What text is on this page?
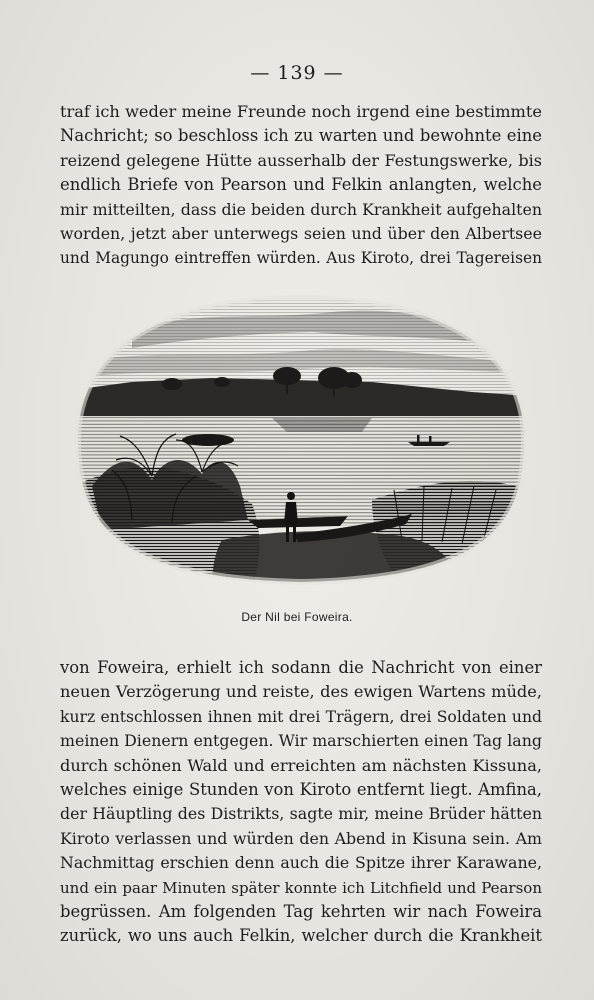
— 139 —
traf ich weder meine Freunde noch irgend eine bestimmte
Nachricht; so beschloss ich zu warten und bewohnte eine
reizend gelegene Hütte ausserhalb der Festungswerke, bis
endlich Briefe von Pearson und Felkin anlangten, welche
mir mitteilten, dass die beiden durch Krankheit aufgehalten
worden, jetzt aber unterwegs seien und über den Albertsee
und Magungo eintreffen würden. Aus Kiroto, drei Tagereisen
Der Nil bei Foweira.
von Foweira, erhielt ich sodann die Nachricht von einer
neuen Verzögerung und reiste, des ewigen Wartens müde,
kurz entschlossen ihnen mit drei Trägern, drei Soldaten und
meinen Dienern entgegen. Wir marschierten einen Tag lang
durch schönen Wald und erreichten am nächsten Kissuna,
welches einige Stunden von Kiroto entfernt liegt. Amfina,
der Häuptling des Distrikts, sagte mir, meine Brüder hätten
Kiroto verlassen und würden den Abend in Kisuna sein. Am
Nachmittag erschien denn auch die Spitze ihrer Karawane,
und ein paar Minuten später konnte ich Litchfield und Pearson
begrüssen. Am folgenden Tag kehrten wir nach Foweira
zurück, wo uns auch Felkin, welcher durch die Krankheit
